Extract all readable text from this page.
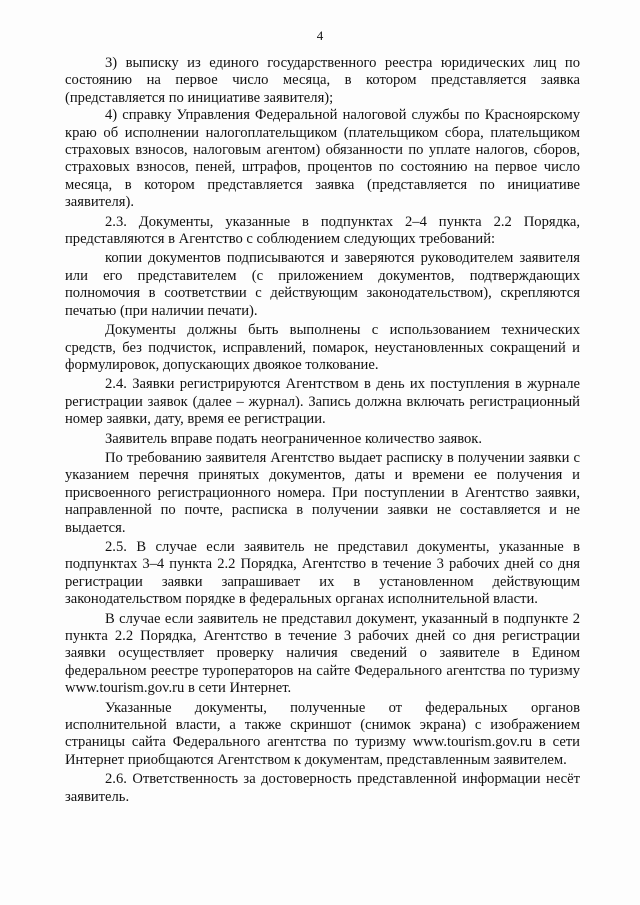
4

3) выписку из единого государственного реестра юридических лиц по состоянию на первое число месяца, в котором представляется заявка (представляется по инициативе заявителя);

4) справку Управления Федеральной налоговой службы по Красноярскому краю об исполнении налогоплательщиком (плательщиком сбора, плательщиком страховых взносов, налоговым агентом) обязанности по уплате налогов, сборов, страховых взносов, пеней, штрафов, процентов по состоянию на первое число месяца, в котором представляется заявка (представляется по инициативе заявителя).

2.3. Документы, указанные в подпунктах 2–4 пункта 2.2 Порядка, представляются в Агентство с соблюдением следующих требований:

копии документов подписываются и заверяются руководителем заявителя или его представителем (с приложением документов, подтверждающих полномочия в соответствии с действующим законодательством), скрепляются печатью (при наличии печати).

Документы должны быть выполнены с использованием технических средств, без подчисток, исправлений, помарок, неустановленных сокращений и формулировок, допускающих двоякое толкование.

2.4. Заявки регистрируются Агентством в день их поступления в журнале регистрации заявок (далее – журнал). Запись должна включать регистрационный номер заявки, дату, время ее регистрации.

Заявитель вправе подать неограниченное количество заявок.

По требованию заявителя Агентство выдает расписку в получении заявки с указанием перечня принятых документов, даты и времени ее получения и присвоенного регистрационного номера. При поступлении в Агентство заявки, направленной по почте, расписка в получении заявки не составляется и не выдается.

2.5. В случае если заявитель не представил документы, указанные в подпунктах 3–4 пункта 2.2 Порядка, Агентство в течение 3 рабочих дней со дня регистрации заявки запрашивает их в установленном действующим законодательством порядке в федеральных органах исполнительной власти.

В случае если заявитель не представил документ, указанный в подпункте 2 пункта 2.2 Порядка, Агентство в течение 3 рабочих дней со дня регистрации заявки осуществляет проверку наличия сведений о заявителе в Едином федеральном реестре туроператоров на сайте Федерального агентства по туризму www.tourism.gov.ru в сети Интернет.

Указанные документы, полученные от федеральных органов исполнительной власти, а также скриншот (снимок экрана) с изображением страницы сайта Федерального агентства по туризму www.tourism.gov.ru в сети Интернет приобщаются Агентством к документам, представленным заявителем.

2.6. Ответственность за достоверность представленной информации несёт заявитель.
